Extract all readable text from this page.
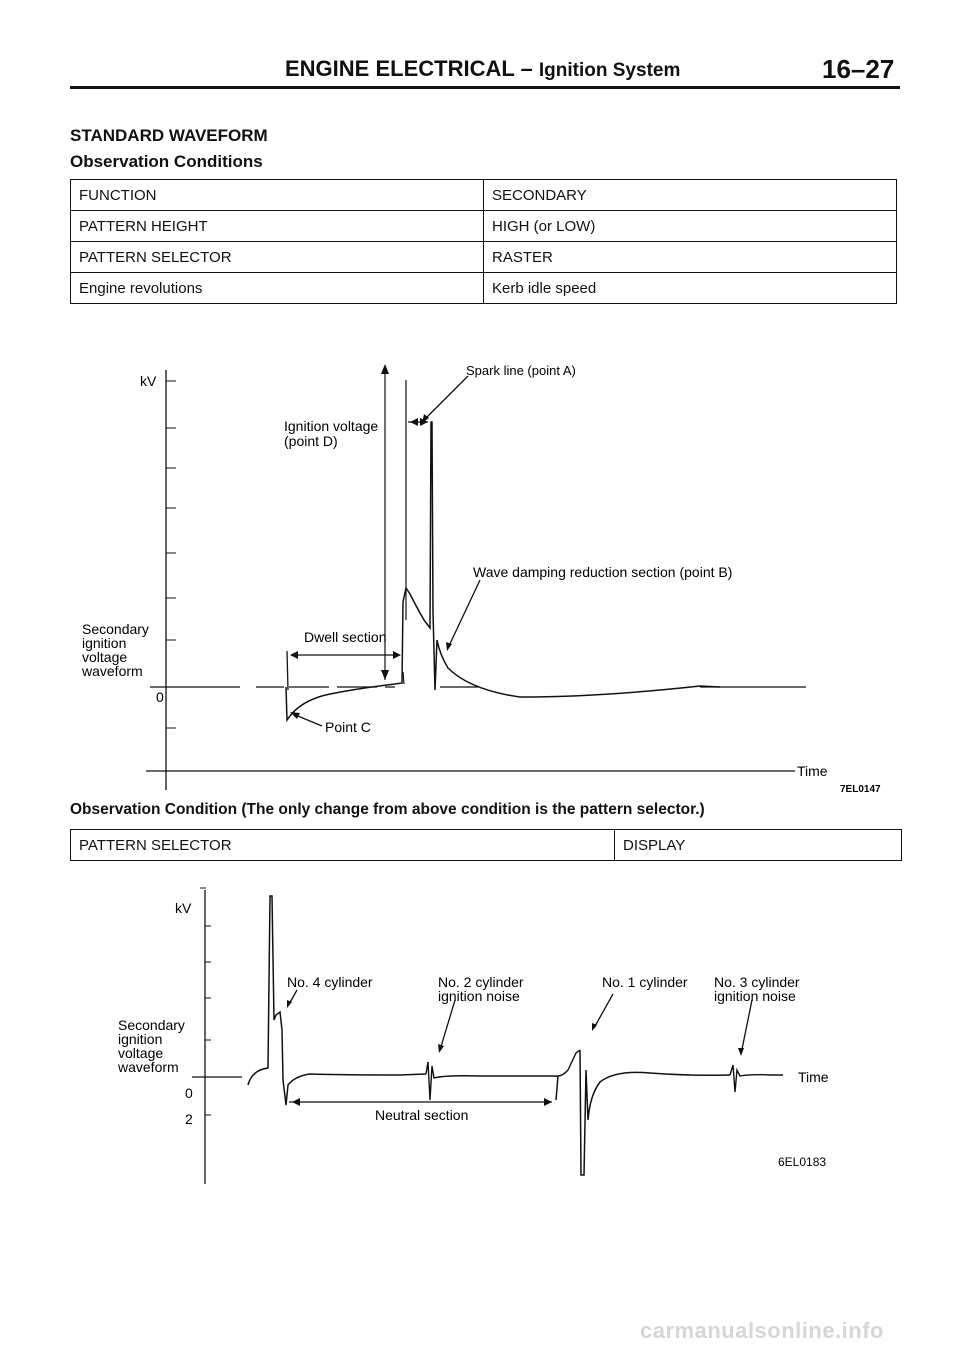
ENGINE ELECTRICAL – Ignition System	16–27
STANDARD WAVEFORM
Observation Conditions
FUNCTION	SECONDARY
PATTERN HEIGHT	HIGH (or LOW)
PATTERN SELECTOR	RASTER
Engine revolutions	Kerb idle speed
kV
Secondary
ignition
voltage
waveform
0
Time
Ignition voltage
(point D)
Spark line (point A)
Wave damping reduction section (point B)
Dwell section
Point C
7EL0147
Observation Condition (The only change from above condition is the pattern selector.)
PATTERN SELECTOR	DISPLAY
kV
Secondary
ignition
voltage
waveform
0
2
Time
No. 4 cylinder	No. 2 cylinder
ignition noise
No. 1 cylinder No. 3 cylinder
ignition noise
Neutral section
6EL0183
carmanualsonline.info
